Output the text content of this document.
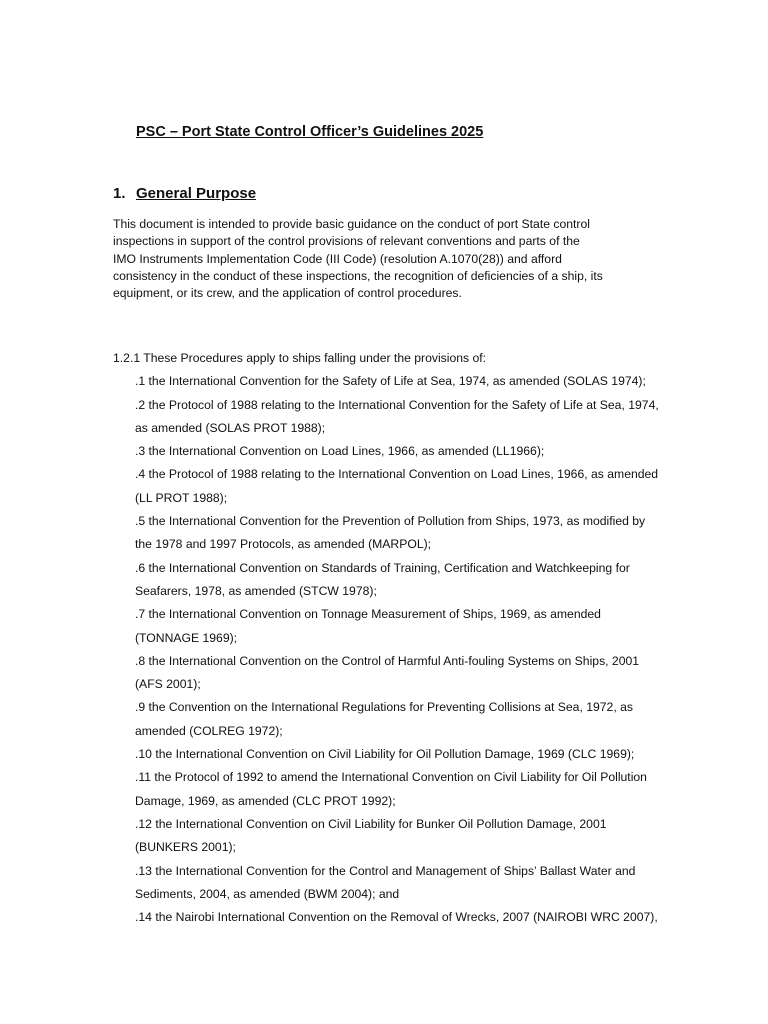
PSC – Port State Control Officer’s Guidelines 2025
1. General Purpose
This document is intended to provide basic guidance on the conduct of port State control
inspections in support of the control provisions of relevant conventions and parts of the
IMO Instruments Implementation Code (III Code) (resolution A.1070(28)) and afford
consistency in the conduct of these inspections, the recognition of deficiencies of a ship, its
equipment, or its crew, and the application of control procedures.
1.2.1 These Procedures apply to ships falling under the provisions of:
.1 the International Convention for the Safety of Life at Sea, 1974, as amended (SOLAS 1974);
.2 the Protocol of 1988 relating to the International Convention for the Safety of Life at Sea, 1974,
as amended (SOLAS PROT 1988);
.3 the International Convention on Load Lines, 1966, as amended (LL1966);
.4 the Protocol of 1988 relating to the International Convention on Load Lines, 1966, as amended
(LL PROT 1988);
.5 the International Convention for the Prevention of Pollution from Ships, 1973, as modified by
the 1978 and 1997 Protocols, as amended (MARPOL);
.6 the International Convention on Standards of Training, Certification and Watchkeeping for
Seafarers, 1978, as amended (STCW 1978);
.7 the International Convention on Tonnage Measurement of Ships, 1969, as amended
(TONNAGE 1969);
.8 the International Convention on the Control of Harmful Anti-fouling Systems on Ships, 2001
(AFS 2001);
.9 the Convention on the International Regulations for Preventing Collisions at Sea, 1972, as
amended (COLREG 1972);
.10 the International Convention on Civil Liability for Oil Pollution Damage, 1969 (CLC 1969);
.11 the Protocol of 1992 to amend the International Convention on Civil Liability for Oil Pollution
Damage, 1969, as amended (CLC PROT 1992);
.12 the International Convention on Civil Liability for Bunker Oil Pollution Damage, 2001
(BUNKERS 2001);
.13 the International Convention for the Control and Management of Ships’ Ballast Water and
Sediments, 2004, as amended (BWM 2004); and
.14 the Nairobi International Convention on the Removal of Wrecks, 2007 (NAIROBI WRC 2007),
